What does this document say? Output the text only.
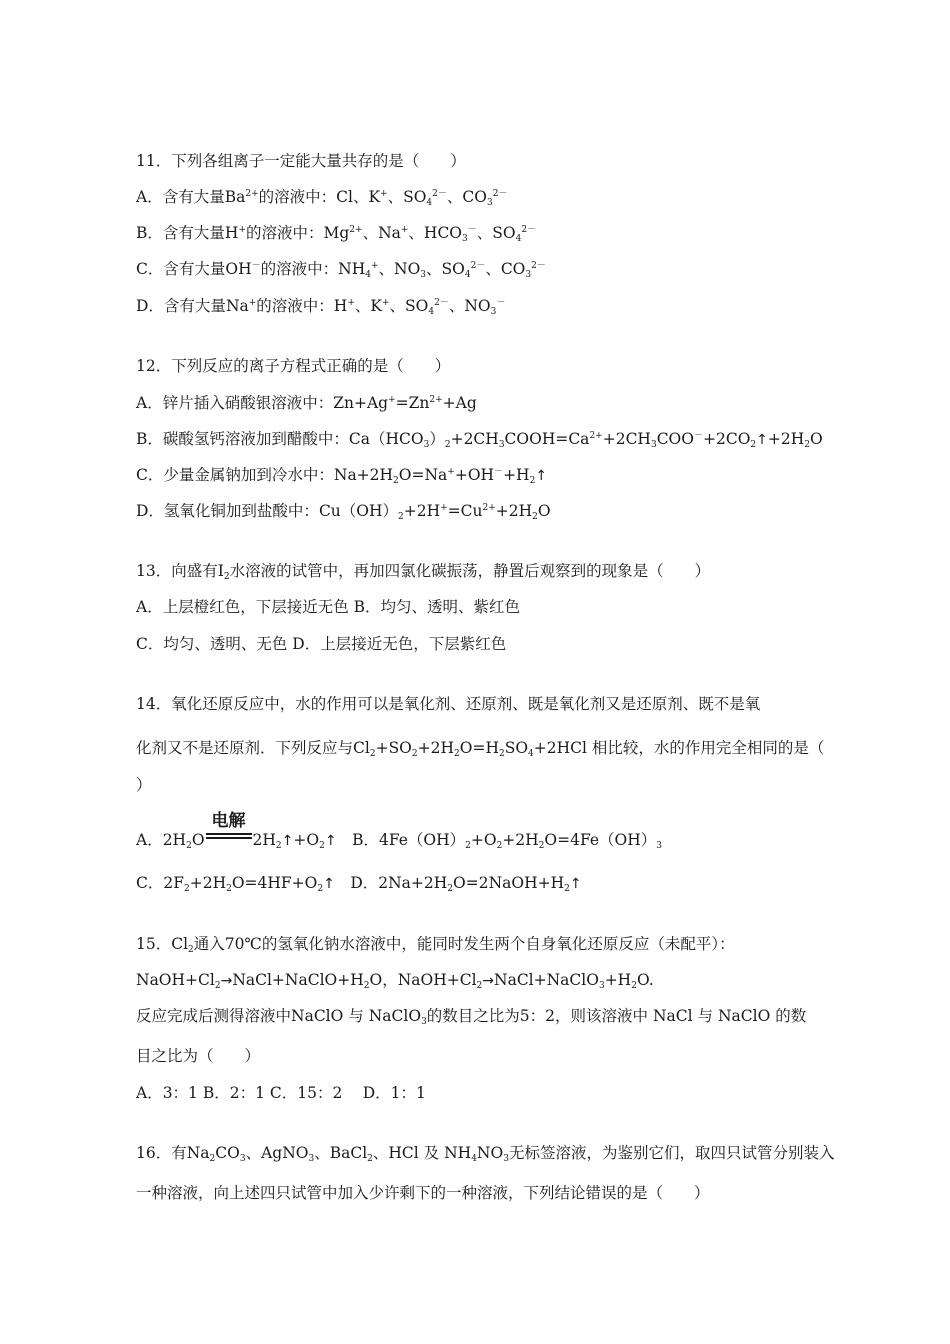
11．下列各组离子一定能大量共存的是（　　）
A．含有大量$Ba^{2+}$的溶液中：Cl、K+、$SO_4^{2-}$、$CO_3^{2-}$
B．含有大量H+的溶液中：$Mg^{2+}$、Na+、$HCO_3^-$、$SO_4^{2-}$
C．含有大量OH－的溶液中：$NH_4^+$、$NO_3$、$SO_4^{2-}$、$CO_3^{2-}$
D．含有大量Na+的溶液中：H+、K+、$SO_4^{2-}$、$NO_3^-$
12．下列反应的离子方程式正确的是（　　）
A．锌片插入硝酸银溶液中：$Zn+Ag^+=Zn^{2+}+Ag$
B．碳酸氢钙溶液加到醋酸中：$Ca(HCO_3)_2+2CH_3COOH=Ca^{2+}+2CH_3COO^-+2CO_2↑+2H_2O$
C．少量金属钠加到冷水中：$Na+2H_2O=Na^++OH^-+H_2↑$
D．氢氧化铜加到盐酸中：$Cu(OH)_2+2H^+=Cu^{2+}+2H_2O$
13．向盛有$I_2$水溶液的试管中，再加四氯化碳振荡，静置后观察到的现象是（　　）
A．上层橙红色，下层接近无色 B．均匀、透明、紫红色
C．均匀、透明、无色 D．上层接近无色，下层紫红色
14．氧化还原反应中，水的作用可以是氧化剂、还原剂、既是氧化剂又是还原剂、既不是氧
化剂又不是还原剂．下列反应与$Cl_2+SO_2+2H_2O=H_2SO_4+2HCl$ 相比较，水的作用完全相同的是（
）
A．$2H_2O$
电解
$2H_2↑+O_2↑$　B．$4Fe(OH)_2+O_2+2H_2O=4Fe(OH)_3$
C．$2F_2+2H_2O=4HF+O_2↑$　D．$2Na+2H_2O=2NaOH+H_2↑$
15．$Cl_2$通入70℃的氢氧化钠水溶液中，能同时发生两个自身氧化还原反应（未配平）：
$NaOH+Cl_2\to NaCl+NaClO+H_2O$，$NaOH+Cl_2\to NaCl+NaClO_3+H_2O$.
反应完成后测得溶液中NaClO 与 NaClO$_3$的数目之比为5：2，则该溶液中 NaCl 与 NaClO 的数
目之比为（　　）
A．3：1 B．2：1 C．15：2　 D．1：1
16．有$Na_2CO_3$、AgNO$_3$、BaCl$_2$、HCl 及 $NH_4NO_3$无标签溶液，为鉴别它们，取四只试管分别装入
一种溶液，向上述四只试管中加入少许剩下的一种溶液，下列结论错误的是（　　）
